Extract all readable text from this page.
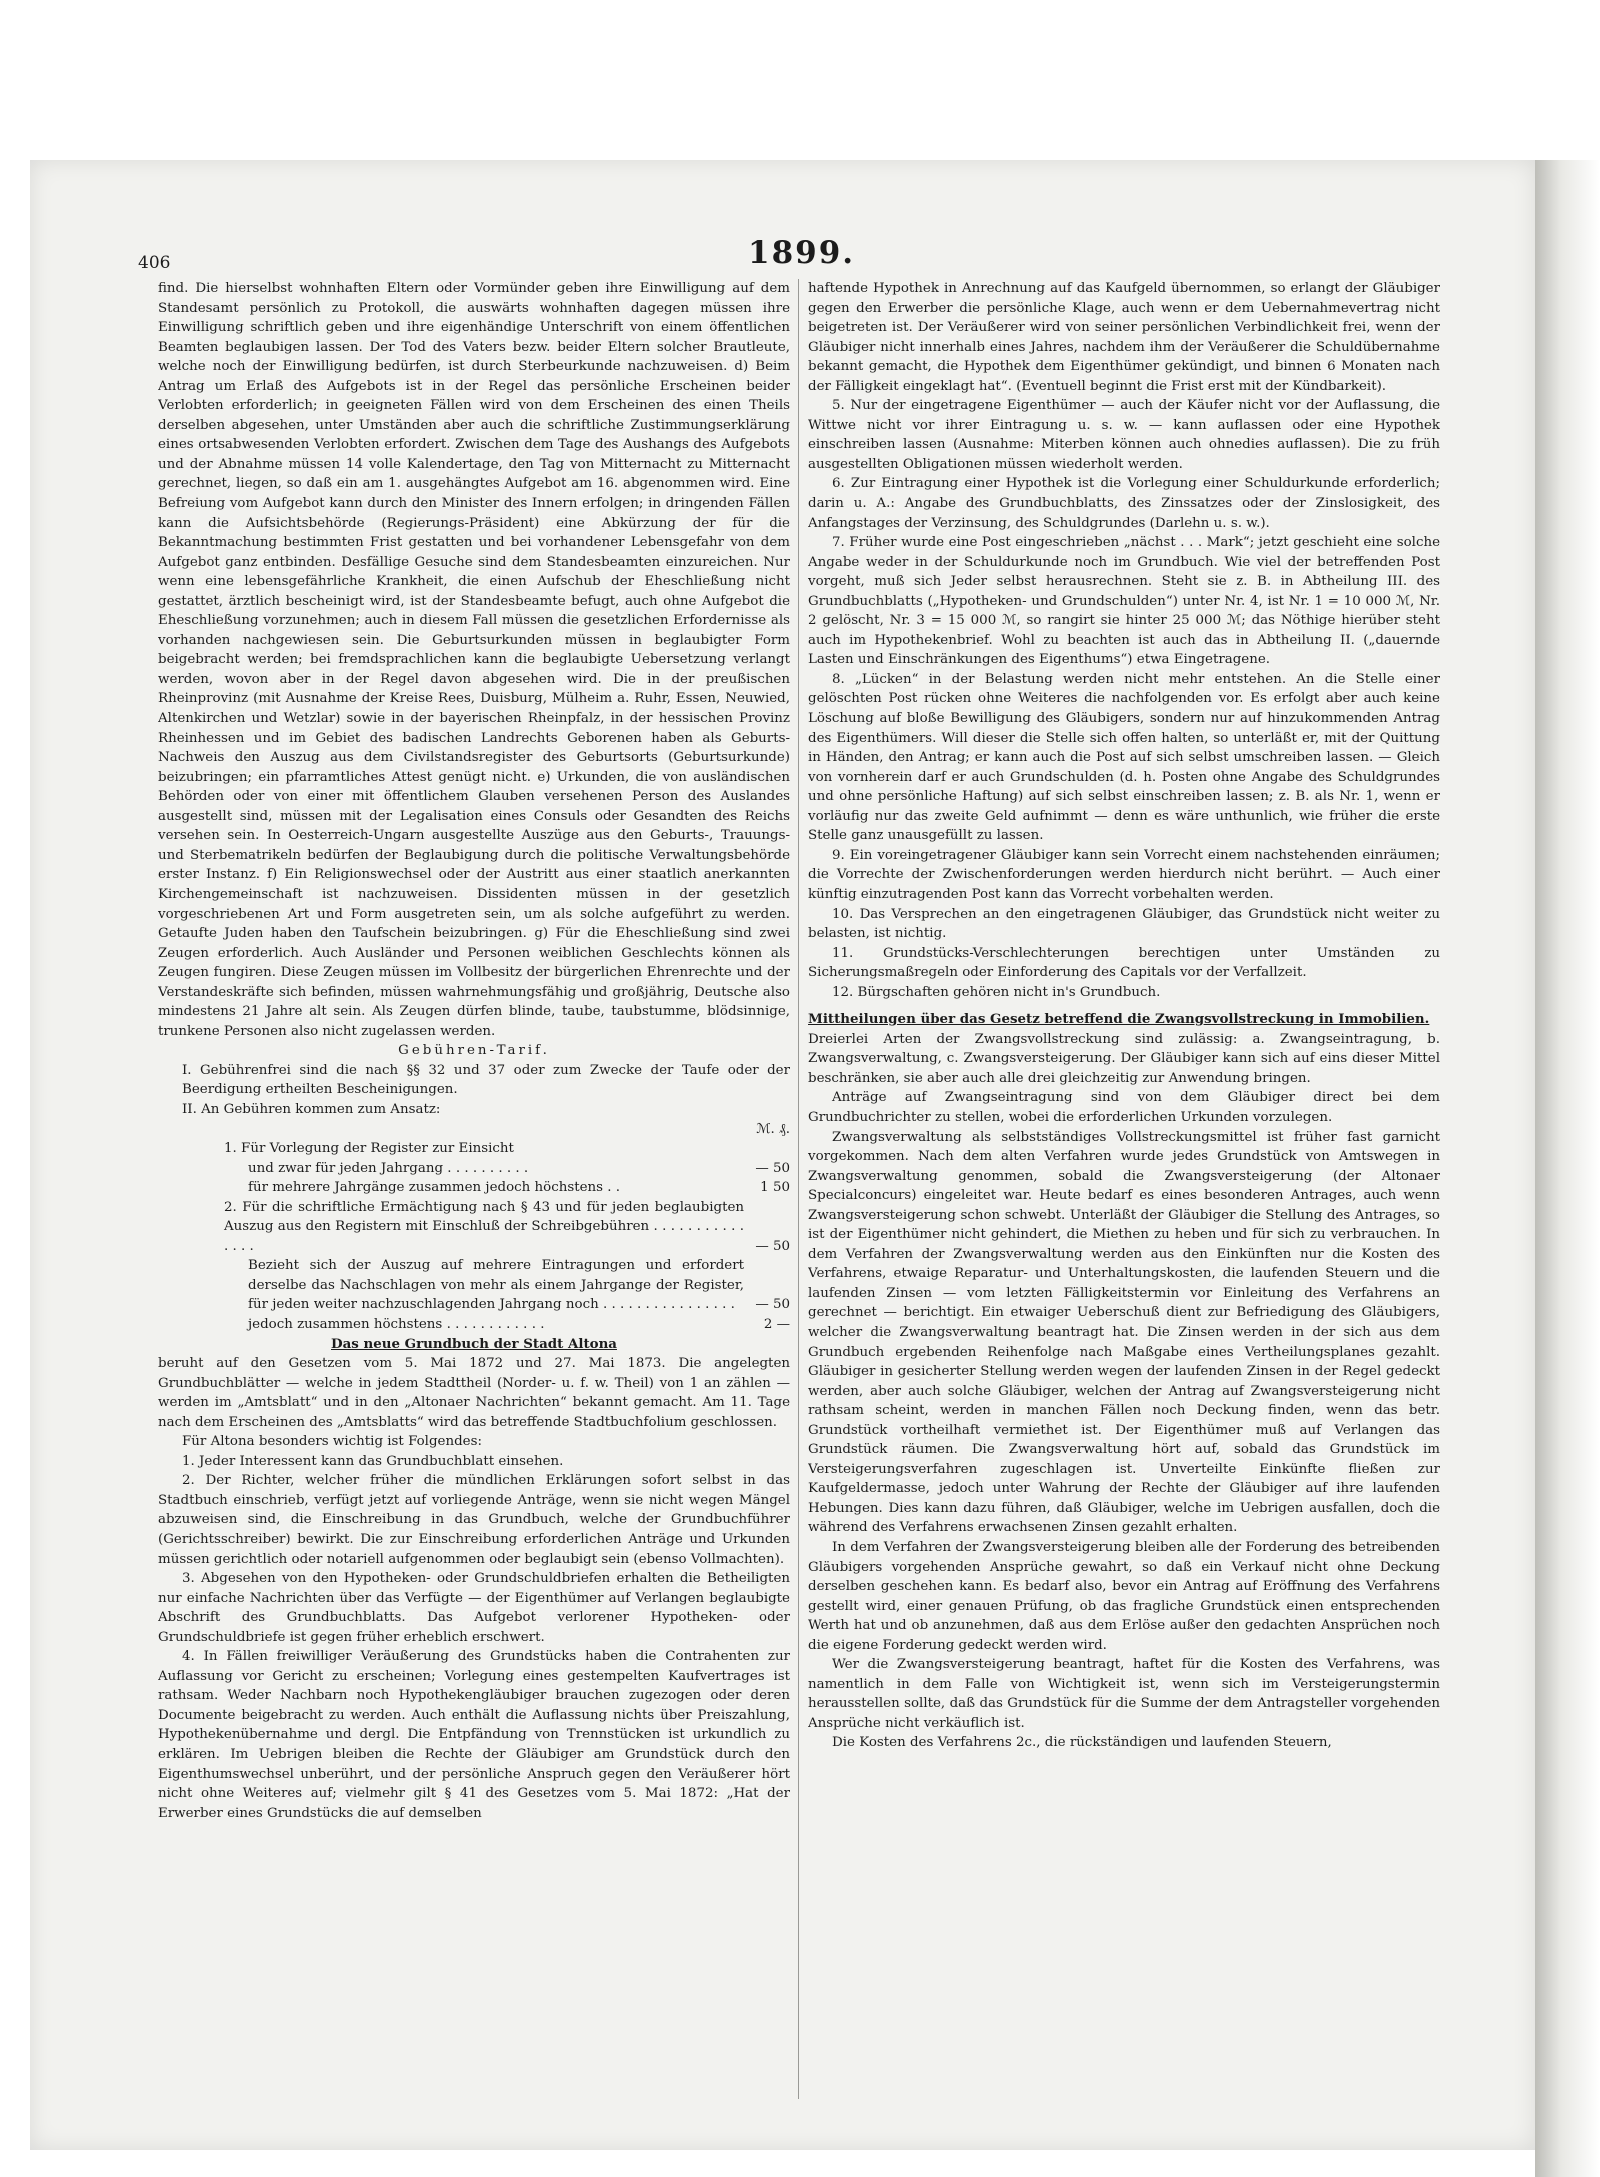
406	1899.

find. Die hierselbst wohnhaften Eltern oder Vormünder geben ihre Einwilligung auf dem Standesamt persönlich zu Protokoll, die auswärts wohnhaften dagegen müssen ihre Einwilligung schriftlich geben und ihre eigenhändige Unterschrift von einem öffentlichen Beamten beglaubigen lassen. Der Tod des Vaters bezw. beider Eltern solcher Brautleute, welche noch der Einwilligung bedürfen, ist durch Sterbeurkunde nachzuweisen. d) Beim Antrag um Erlaß des Aufgebots ist in der Regel das persönliche Erscheinen beider Verlobten erforderlich; in geeigneten Fällen wird von dem Erscheinen des einen Theils derselben abgesehen, unter Umständen aber auch die schriftliche Zustimmungserklärung eines ortsabwesenden Verlobten erfordert. Zwischen dem Tage des Aushangs des Aufgebots und der Abnahme müssen 14 volle Kalendertage, den Tag von Mitternacht zu Mitternacht gerechnet, liegen, so daß ein am 1. ausgehängtes Aufgebot am 16. abgenommen wird. Eine Befreiung vom Aufgebot kann durch den Minister des Innern erfolgen; in dringenden Fällen kann die Aufsichtsbehörde (Regierungs-Präsident) eine Abkürzung der für die Bekanntmachung bestimmten Frist gestatten und bei vorhandener Lebensgefahr von dem Aufgebot ganz entbinden. Desfällige Gesuche sind dem Standesbeamten einzureichen. Nur wenn eine lebensgefährliche Krankheit, die einen Aufschub der Eheschließung nicht gestattet, ärztlich bescheinigt wird, ist der Standesbeamte befugt, auch ohne Aufgebot die Eheschließung vorzunehmen; auch in diesem Fall müssen die gesetzlichen Erfordernisse als vorhanden nachgewiesen sein. Die Geburtsurkunden müssen in beglaubigter Form beigebracht werden; bei fremdsprachlichen kann die beglaubigte Uebersetzung verlangt werden, wovon aber in der Regel davon abgesehen wird. Die in der preußischen Rheinprovinz (mit Ausnahme der Kreise Rees, Duisburg, Mülheim a. Ruhr, Essen, Neuwied, Altenkirchen und Wetzlar) sowie in der bayerischen Rheinpfalz, in der hessischen Provinz Rheinhessen und im Gebiet des badischen Landrechts Geborenen haben als Geburts-Nachweis den Auszug aus dem Civilstandsregister des Geburtsorts (Geburtsurkunde) beizubringen; ein pfarramtliches Attest genügt nicht. e) Urkunden, die von ausländischen Behörden oder von einer mit öffentlichem Glauben versehenen Person des Auslandes ausgestellt sind, müssen mit der Legalisation eines Consuls oder Gesandten des Reichs versehen sein. In Oesterreich-Ungarn ausgestellte Auszüge aus den Geburts-, Trauungs- und Sterbematrikeln bedürfen der Beglaubigung durch die politische Verwaltungsbehörde erster Instanz. f) Ein Religionswechsel oder der Austritt aus einer staatlich anerkannten Kirchengemeinschaft ist nachzuweisen. Dissidenten müssen in der gesetzlich vorgeschriebenen Art und Form ausgetreten sein, um als solche aufgeführt zu werden. Getaufte Juden haben den Taufschein beizubringen. g) Für die Eheschließung sind zwei Zeugen erforderlich. Auch Ausländer und Personen weiblichen Geschlechts können als Zeugen fungiren. Diese Zeugen müssen im Vollbesitz der bürgerlichen Ehrenrechte und der Verstandeskräfte sich befinden, müssen wahrnehmungsfähig und großjährig, Deutsche also mindestens 21 Jahre alt sein. Als Zeugen dürfen blinde, taube, taubstumme, blödsinnige, trunkene Personen also nicht zugelassen werden.

Gebühren-Tarif.

I. Gebührenfrei sind die nach §§ 32 und 37 oder zum Zwecke der Taufe oder der Beerdigung ertheilten Bescheinigungen.

II. An Gebühren kommen zum Ansatz:

ℳ. ₰.

1. Für Vorlegung der Register zur Einsicht

und zwar für jeden Jahrgang . . . . . . . . . .	— 50
für mehrere Jahrgänge zusammen jedoch höchstens . .	1 50
2. Für die schriftliche Ermächtigung nach § 43 und für jeden beglaubigten Auszug aus den Registern mit Einschluß der Schreibgebühren . . . . . . . . . . . . . . .	— 50
Bezieht sich der Auszug auf mehrere Eintragungen und erfordert derselbe das Nachschlagen von mehr als einem Jahrgange der Register, für jeden weiter nachzuschlagenden Jahrgang noch . . . . . . . . . . . . . . . .	— 50
jedoch zusammen höchstens . . . . . . . . . . . .	2 —

Das neue Grundbuch der Stadt Altona

beruht auf den Gesetzen vom 5. Mai 1872 und 27. Mai 1873. Die angelegten Grundbuchblätter — welche in jedem Stadttheil (Norder- u. f. w. Theil) von 1 an zählen — werden im „Amtsblatt“ und in den „Altonaer Nachrichten“ bekannt gemacht. Am 11. Tage nach dem Erscheinen des „Amtsblatts“ wird das betreffende Stadtbuchfolium geschlossen.

Für Altona besonders wichtig ist Folgendes:

1. Jeder Interessent kann das Grundbuchblatt einsehen.

2. Der Richter, welcher früher die mündlichen Erklärungen sofort selbst in das Stadtbuch einschrieb, verfügt jetzt auf vorliegende Anträge, wenn sie nicht wegen Mängel abzuweisen sind, die Einschreibung in das Grundbuch, welche der Grundbuchführer (Gerichtsschreiber) bewirkt. Die zur Einschreibung erforderlichen Anträge und Urkunden müssen gerichtlich oder notariell aufgenommen oder beglaubigt sein (ebenso Vollmachten).

3. Abgesehen von den Hypotheken- oder Grundschuldbriefen erhalten die Betheiligten nur einfache Nachrichten über das Verfügte — der Eigenthümer auf Verlangen beglaubigte Abschrift des Grundbuchblatts. Das Aufgebot verlorener Hypotheken- oder Grundschuldbriefe ist gegen früher erheblich erschwert.

4. In Fällen freiwilliger Veräußerung des Grundstücks haben die Contrahenten zur Auflassung vor Gericht zu erscheinen; Vorlegung eines gestempelten Kaufvertrages ist rathsam. Weder Nachbarn noch Hypothekengläubiger brauchen zugezogen oder deren Documente beigebracht zu werden. Auch enthält die Auflassung nichts über Preiszahlung, Hypothekenübernahme und dergl. Die Entpfändung von Trennstücken ist urkundlich zu erklären. Im Uebrigen bleiben die Rechte der Gläubiger am Grundstück durch den Eigenthumswechsel unberührt, und der persönliche Anspruch gegen den Veräußerer hört nicht ohne Weiteres auf; vielmehr gilt § 41 des Gesetzes vom 5. Mai 1872: „Hat der Erwerber eines Grundstücks die auf demselben

haftende Hypothek in Anrechnung auf das Kaufgeld übernommen, so erlangt der Gläubiger gegen den Erwerber die persönliche Klage, auch wenn er dem Uebernahmevertrag nicht beigetreten ist. Der Veräußerer wird von seiner persönlichen Verbindlichkeit frei, wenn der Gläubiger nicht innerhalb eines Jahres, nachdem ihm der Veräußerer die Schuldübernahme bekannt gemacht, die Hypothek dem Eigenthümer gekündigt, und binnen 6 Monaten nach der Fälligkeit eingeklagt hat“. (Eventuell beginnt die Frist erst mit der Kündbarkeit).

5. Nur der eingetragene Eigenthümer — auch der Käufer nicht vor der Auflassung, die Wittwe nicht vor ihrer Eintragung u. s. w. — kann auflassen oder eine Hypothek einschreiben lassen (Ausnahme: Miterben können auch ohnedies auflassen). Die zu früh ausgestellten Obligationen müssen wiederholt werden.

6. Zur Eintragung einer Hypothek ist die Vorlegung einer Schuldurkunde erforderlich; darin u. A.: Angabe des Grundbuchblatts, des Zinssatzes oder der Zinslosigkeit, des Anfangstages der Verzinsung, des Schuldgrundes (Darlehn u. s. w.).

7. Früher wurde eine Post eingeschrieben „nächst . . . Mark“; jetzt geschieht eine solche Angabe weder in der Schuldurkunde noch im Grundbuch. Wie viel der betreffenden Post vorgeht, muß sich Jeder selbst herausrechnen. Steht sie z. B. in Abtheilung III. des Grundbuchblatts („Hypotheken- und Grundschulden“) unter Nr. 4, ist Nr. 1 = 10 000 ℳ, Nr. 2 gelöscht, Nr. 3 = 15 000 ℳ, so rangirt sie hinter 25 000 ℳ; das Nöthige hierüber steht auch im Hypothekenbrief. Wohl zu beachten ist auch das in Abtheilung II. („dauernde Lasten und Einschränkungen des Eigenthums“) etwa Eingetragene.

8. „Lücken“ in der Belastung werden nicht mehr entstehen. An die Stelle einer gelöschten Post rücken ohne Weiteres die nachfolgenden vor. Es erfolgt aber auch keine Löschung auf bloße Bewilligung des Gläubigers, sondern nur auf hinzukommenden Antrag des Eigenthümers. Will dieser die Stelle sich offen halten, so unterläßt er, mit der Quittung in Händen, den Antrag; er kann auch die Post auf sich selbst umschreiben lassen. — Gleich von vornherein darf er auch Grundschulden (d. h. Posten ohne Angabe des Schuldgrundes und ohne persönliche Haftung) auf sich selbst einschreiben lassen; z. B. als Nr. 1, wenn er vorläufig nur das zweite Geld aufnimmt — denn es wäre unthunlich, wie früher die erste Stelle ganz unausgefüllt zu lassen.

9. Ein voreingetragener Gläubiger kann sein Vorrecht einem nachstehenden einräumen; die Vorrechte der Zwischenforderungen werden hierdurch nicht berührt. — Auch einer künftig einzutragenden Post kann das Vorrecht vorbehalten werden.

10. Das Versprechen an den eingetragenen Gläubiger, das Grundstück nicht weiter zu belasten, ist nichtig.

11. Grundstücks-Verschlechterungen berechtigen unter Umständen zu Sicherungsmaßregeln oder Einforderung des Capitals vor der Verfallzeit.

12. Bürgschaften gehören nicht in's Grundbuch.

Mittheilungen über das Gesetz betreffend die Zwangsvollstreckung in Immobilien.

Dreierlei Arten der Zwangsvollstreckung sind zulässig: a. Zwangseintragung, b. Zwangsverwaltung, c. Zwangsversteigerung. Der Gläubiger kann sich auf eins dieser Mittel beschränken, sie aber auch alle drei gleichzeitig zur Anwendung bringen.

Anträge auf Zwangseintragung sind von dem Gläubiger direct bei dem Grundbuchrichter zu stellen, wobei die erforderlichen Urkunden vorzulegen.

Zwangsverwaltung als selbstständiges Vollstreckungsmittel ist früher fast garnicht vorgekommen. Nach dem alten Verfahren wurde jedes Grundstück von Amtswegen in Zwangsverwaltung genommen, sobald die Zwangsversteigerung (der Altonaer Specialconcurs) eingeleitet war. Heute bedarf es eines besonderen Antrages, auch wenn Zwangsversteigerung schon schwebt. Unterläßt der Gläubiger die Stellung des Antrages, so ist der Eigenthümer nicht gehindert, die Miethen zu heben und für sich zu verbrauchen. In dem Verfahren der Zwangsverwaltung werden aus den Einkünften nur die Kosten des Verfahrens, etwaige Reparatur- und Unterhaltungskosten, die laufenden Steuern und die laufenden Zinsen — vom letzten Fälligkeitstermin vor Einleitung des Verfahrens an gerechnet — berichtigt. Ein etwaiger Ueberschuß dient zur Befriedigung des Gläubigers, welcher die Zwangsverwaltung beantragt hat. Die Zinsen werden in der sich aus dem Grundbuch ergebenden Reihenfolge nach Maßgabe eines Vertheilungsplanes gezahlt. Gläubiger in gesicherter Stellung werden wegen der laufenden Zinsen in der Regel gedeckt werden, aber auch solche Gläubiger, welchen der Antrag auf Zwangsversteigerung nicht rathsam scheint, werden in manchen Fällen noch Deckung finden, wenn das betr. Grundstück vortheilhaft vermiethet ist. Der Eigenthümer muß auf Verlangen das Grundstück räumen. Die Zwangsverwaltung hört auf, sobald das Grundstück im Versteigerungsverfahren zugeschlagen ist. Unverteilte Einkünfte fließen zur Kaufgeldermasse, jedoch unter Wahrung der Rechte der Gläubiger auf ihre laufenden Hebungen. Dies kann dazu führen, daß Gläubiger, welche im Uebrigen ausfallen, doch die während des Verfahrens erwachsenen Zinsen gezahlt erhalten.

In dem Verfahren der Zwangsversteigerung bleiben alle der Forderung des betreibenden Gläubigers vorgehenden Ansprüche gewahrt, so daß ein Verkauf nicht ohne Deckung derselben geschehen kann. Es bedarf also, bevor ein Antrag auf Eröffnung des Verfahrens gestellt wird, einer genauen Prüfung, ob das fragliche Grundstück einen entsprechenden Werth hat und ob anzunehmen, daß aus dem Erlöse außer den gedachten Ansprüchen noch die eigene Forderung gedeckt werden wird.

Wer die Zwangsversteigerung beantragt, haftet für die Kosten des Verfahrens, was namentlich in dem Falle von Wichtigkeit ist, wenn sich im Versteigerungstermin herausstellen sollte, daß das Grundstück für die Summe der dem Antragsteller vorgehenden Ansprüche nicht verkäuflich ist.

Die Kosten des Verfahrens 2c., die rückständigen und laufenden Steuern,
